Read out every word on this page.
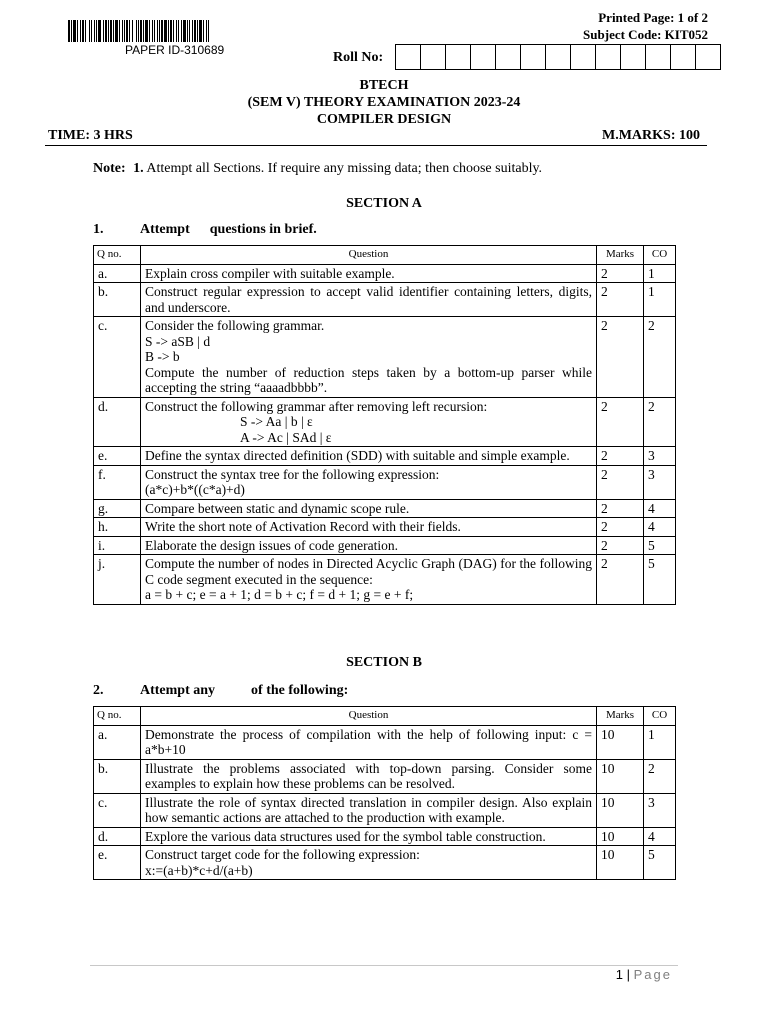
PAPER ID-310689
Printed Page: 1 of 2
Subject Code: KIT052
Roll No:
BTECH
(SEM V) THEORY EXAMINATION 2023-24
COMPILER DESIGN
TIME: 3 HRS	M.MARKS: 100
Note: 1. Attempt all Sections. If require any missing data; then choose suitably.
SECTION A
1.	Attempt questions in brief.
Q no.	Question	Marks	CO
a.	Explain cross compiler with suitable example.	2	1
b.	Construct regular expression to accept valid identifier containing letters, digits, and underscore.	2	1
c.	Consider the following grammar.
S -> aSB | d
B -> b
Compute the number of reduction steps taken by a bottom-up parser while accepting the string “aaaadbbbb”.	2	2
d.	Construct the following grammar after removing left recursion:
S -> Aa | b | ε
A -> Ac | SAd | ε	2	2
e.	Define the syntax directed definition (SDD) with suitable and simple example.	2	3
f.	Construct the syntax tree for the following expression:
(a*c)+b*((c*a)+d)	2	3
g.	Compare between static and dynamic scope rule.	2	4
h.	Write the short note of Activation Record with their fields.	2	4
i.	Elaborate the design issues of code generation.	2	5
j.	Compute the number of nodes in Directed Acyclic Graph (DAG) for the following C code segment executed in the sequence:
a = b + c; e = a + 1; d = b + c; f = d + 1; g = e + f;	2	5
SECTION B
2.	Attempt any	of the following:
Q no.	Question	Marks	CO
a.	Demonstrate the process of compilation with the help of following input: c = a*b+10	10	1
b.	Illustrate the problems associated with top-down parsing. Consider some examples to explain how these problems can be resolved.	10	2
c.	Illustrate the role of syntax directed translation in compiler design. Also explain how semantic actions are attached to the production with example.	10	3
d.	Explore the various data structures used for the symbol table construction.	10	4
e.	Construct target code for the following expression:
x:=(a+b)*c+d/(a+b)	10	5
1 | Page
